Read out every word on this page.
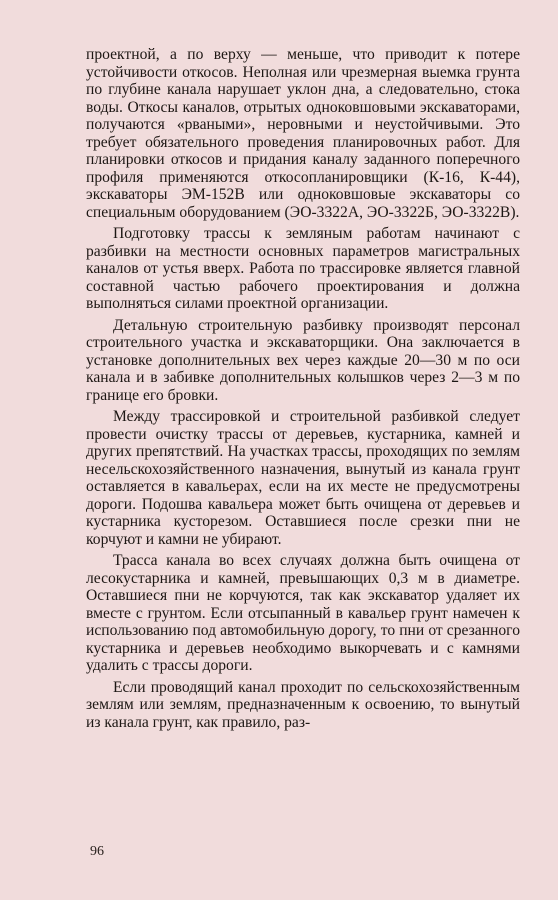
проектной, а по верху — меньше, что приводит к потере устойчивости откосов. Неполная или чрезмерная выемка грунта по глубине канала нарушает уклон дна, а следовательно, стока воды. Откосы каналов, отрытых одноковшовыми экскаваторами, получаются «рваными», неровными и неустойчивыми. Это требует обязательного проведения планировочных работ. Для планировки откосов и придания каналу заданного поперечного профиля применяются откосопланировщики (К-16, К-44), экскаваторы ЭМ-152В или одноковшовые экскаваторы со специальным оборудованием (ЭО-3322А, ЭО-3322Б, ЭО-3322В).

Подготовку трассы к земляным работам начинают с разбивки на местности основных параметров магистральных каналов от устья вверх. Работа по трассировке является главной составной частью рабочего проектирования и должна выполняться силами проектной организации.

Детальную строительную разбивку производят персонал строительного участка и экскаваторщики. Она заключается в установке дополнительных вех через каждые 20—30 м по оси канала и в забивке дополнительных колышков через 2—3 м по границе его бровки.

Между трассировкой и строительной разбивкой следует провести очистку трассы от деревьев, кустарника, камней и других препятствий. На участках трассы, проходящих по землям несельскохозяйственного назначения, вынутый из канала грунт оставляется в кавальерах, если на их месте не предусмотрены дороги. Подошва кавальера может быть очищена от деревьев и кустарника кусторезом. Оставшиеся после срезки пни не корчуют и камни не убирают.

Трасса канала во всех случаях должна быть очищена от лесокустарника и камней, превышающих 0,3 м в диаметре. Оставшиеся пни не корчуются, так как экскаватор удаляет их вместе с грунтом. Если отсыпанный в кавальер грунт намечен к использованию под автомобильную дорогу, то пни от срезанного кустарника и деревьев необходимо выкорчевать и с камнями удалить с трассы дороги.

Если проводящий канал проходит по сельскохозяйственным землям или землям, предназначенным к освоению, то вынутый из канала грунт, как правило, раз-

96
